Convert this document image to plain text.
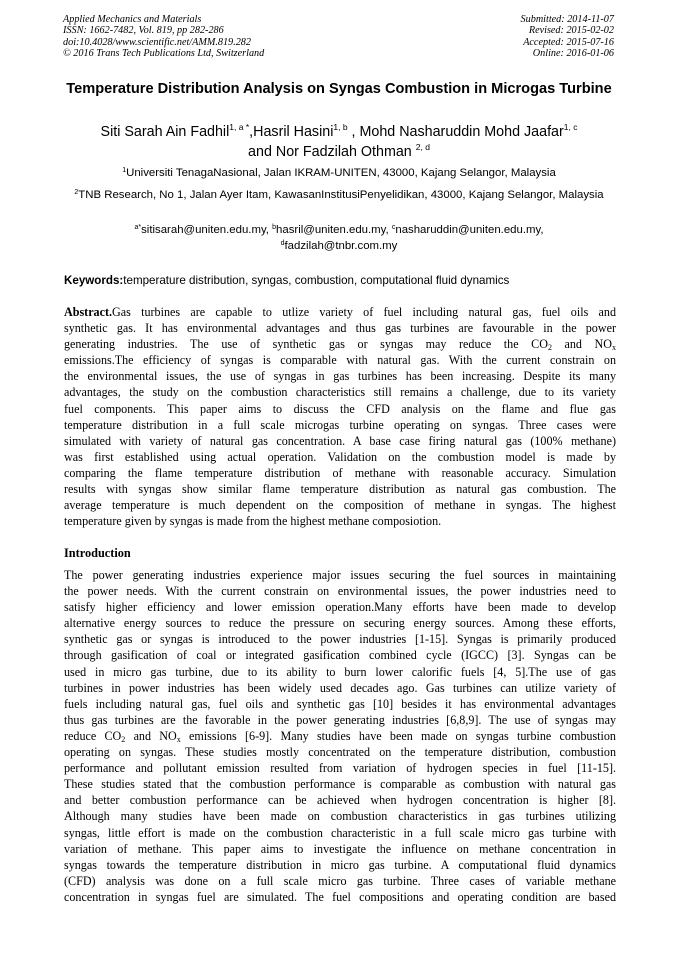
Applied Mechanics and Materials
ISSN: 1662-7482, Vol. 819, pp 282-286
doi:10.4028/www.scientific.net/AMM.819.282
© 2016 Trans Tech Publications Ltd, Switzerland
Submitted: 2014-11-07
Revised: 2015-02-02
Accepted: 2015-07-16
Online: 2016-01-06
Temperature Distribution Analysis on Syngas Combustion in Microgas Turbine
Siti Sarah Ain Fadhil$^{1, a *}$,Hasril Hasini$^{1, b}$ , Mohd Nasharuddin Mohd Jaafar$^{1, c}$
and Nor Fadzilah Othman $^{2, d}$
$^1$Universiti TenagaNasional, Jalan IKRAM-UNITEN, 43000, Kajang Selangor, Malaysia
$^2$TNB Research, No 1, Jalan Ayer Itam, KawasanInstitusiPenyelidikan, 43000, Kajang Selangor, Malaysia
$^{a*}$sitisarah@uniten.edu.my, $^b$hasril@uniten.edu.my, $^c$nasharuddin@uniten.edu.my,
$^d$fadzilah@tnbr.com.my
Keywords:temperature distribution, syngas, combustion, computational fluid dynamics
Abstract.Gas turbines are capable to utlize variety of fuel including natural gas, fuel oils and
synthetic gas. It has environmental advantages and thus gas turbines are favourable in the power
generating industries. The use of synthetic gas or syngas may reduce the $CO_2$ and $NO_x$
emissions.The efficiency of syngas is comparable with natural gas. With the current constrain on
the environmental issues, the use of syngas in gas turbines has been increasing. Despite its many
advantages, the study on the combustion characteristics still remains a challenge, due to its variety
fuel components. This paper aims to discuss the CFD analysis on the flame and flue gas
temperature distribution in a full scale microgas turbine operating on syngas. Three cases were
simulated with variety of natural gas concentration. A base case firing natural gas (100% methane)
was first established using actual operation. Validation on the combustion model is made by
comparing the flame temperature distribution of methane with reasonable accuracy. Simulation
results with syngas show similar flame temperature distribution as natural gas combustion. The
average temperature is much dependent on the composition of methane in syngas. The highest
temperature given by syngas is made from the highest methane composiotion.
Introduction
The power generating industries experience major issues securing the fuel sources in maintaining
the power needs. With the current constrain on environmental issues, the power industries need to
satisfy higher efficiency and lower emission operation.Many efforts have been made to develop
alternative energy sources to reduce the pressure on securing energy sources. Among these efforts,
synthetic gas or syngas is introduced to the power industries [1-15]. Syngas is primarily produced
through gasification of coal or integrated gasification combined cycle (IGCC) [3]. Syngas can be
used in micro gas turbine, due to its ability to burn lower calorific fuels [4, 5].The use of gas
turbines in power industries has been widely used decades ago. Gas turbines can utilize variety of
fuels including natural gas, fuel oils and synthetic gas [10] besides it has environmental advantages
thus gas turbines are the favorable in the power generating industries [6,8,9]. The use of syngas may
reduce $CO_2$ and $NO_x$ emissions [6-9]. Many studies have been made on syngas turbine combustion
operating on syngas. These studies mostly concentrated on the temperature distribution, combustion
performance and pollutant emission resulted from variation of hydrogen species in fuel [11-15].
These studies stated that the combustion performance is comparable as combustion with natural gas
and better combustion performance can be achieved when hydrogen concentration is higher [8].
Although many studies have been made on combustion characteristics in gas turbines utilizing
syngas, little effort is made on the combustion characteristic in a full scale micro gas turbine with
variation of methane. This paper aims to investigate the influence on methane concentration in
syngas towards the temperature distribution in micro gas turbine. A computational fluid dynamics
(CFD) analysis was done on a full scale micro gas turbine. Three cases of variable methane
concentration in syngas fuel are simulated. The fuel compositions and operating condition are based
